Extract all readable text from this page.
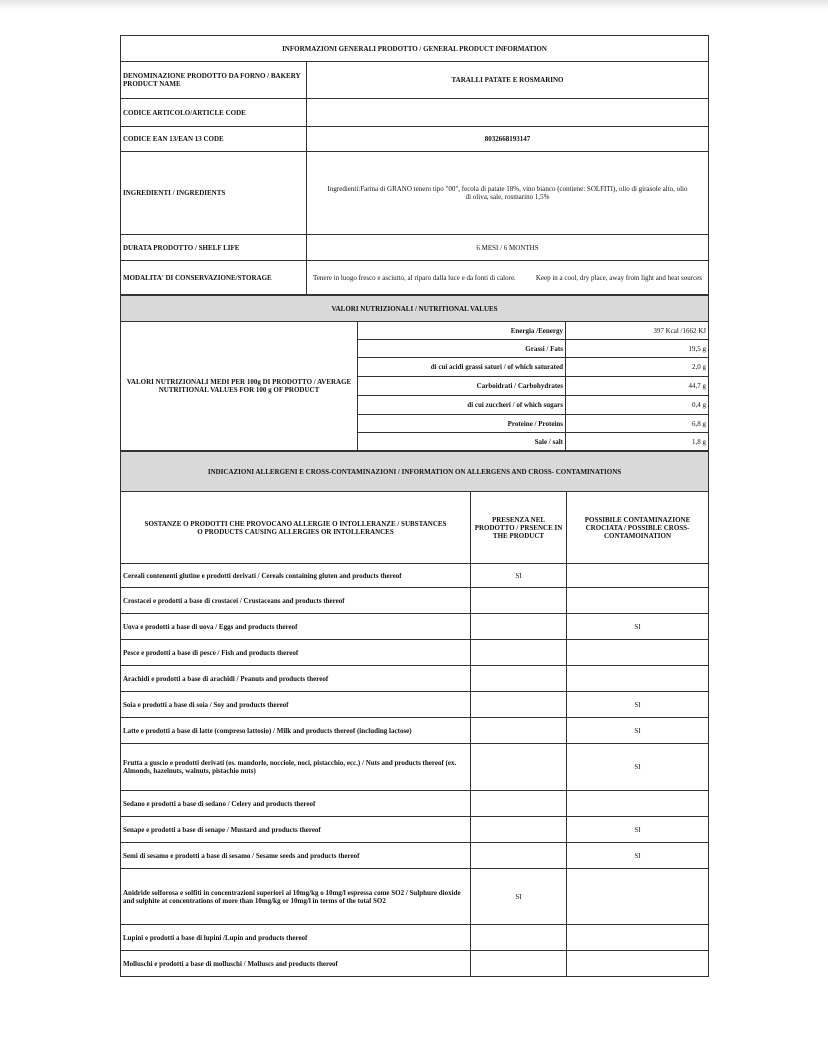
INFORMAZIONI GENERALI PRODOTTO / GENERAL PRODUCT INFORMATION	
DENOMINAZIONE PRODOTTO DA FORNO / BAKERY PRODUCT NAME	TARALLI PATATE E ROSMARINO
CODICE ARTICOLO/ARTICLE CODE	
CODICE EAN 13/EAN 13 CODE	8032668193147
INGREDIENTI / INGREDIENTS	Ingredienti:Farina di GRANO tenero tipo "00", fecola di patate 18%, vino bianco (contiene: SOLFITI), olio di girasole alto, olio di oliva, sale, rosmarino 1,5%
DURATA PRODOTTO / SHELF LIFE	6 MESI / 6 MONTHS
MODALITA' DI CONSERVAZIONE/STORAGE	Tenere in luogo fresco e asciutto, al riparo dalla luce e da fonti di calore. Keep in a cool, dry place, away from light and heat sources
VALORI NUTRIZIONALI / NUTRITIONAL VALUES		
VALORI NUTRIZIONALI MEDI PER 100g DI PRODOTTO / AVERAGE NUTRITIONAL VALUES FOR 100 g OF PRODUCT	Energia /Eenergy	397 Kcal /1662 KJ
	Grassi / Fats	19,5 g
	di cui acidi grassi saturi / of which saturated	2,0 g
	Carboidrati / Carbohydrates	44,7 g
	di cui zuccheri / of which sugars	0,4 g
	Proteine / Proteins	6,8 g
	Sale / salt	1,8 g
INDICAZIONI ALLERGENI E CROSS-CONTAMINAZIONI / INFORMATION ON ALLERGENS AND CROSS- CONTAMINATIONS		
SOSTANZE O PRODOTTI CHE PROVOCANO ALLERGIE O INTOLLERANZE / SUBSTANCES O PRODUCTS CAUSING ALLERGIES OR INTOLLERANCES	PRESENZA NEL PRODOTTO / PRSENCE IN THE PRODUCT	POSSIBILE CONTAMINAZIONE CROCIATA / POSSIBLE CROSS-CONTAMOINATION
Cereali contenenti glutine e prodotti derivati / Cereals containing gluten and products thereof	SI	
Crostacei e prodotti a base di crostacei / Crustaceans and products thereof		
Uova e prodotti a base di uova / Eggs and products thereof		SI
Pesce e prodotti a base di pesce / Fish and products thereof		
Arachidi e prodotti a base di arachidi / Peanuts and products thereof		
Soia e prodotti a base di soia / Soy and products thereof		SI
Latte e prodotti a base di latte (compreso lattosio) / Milk and products thereof (including lactose)		SI
Frutta a guscio e prodotti derivati (es. mandorle, nocciole, noci, pistacchio, ecc.) / Nuts and products thereof (ex. Almonds, hazelnuts, walnuts, pistachio nuts)		SI
Sedano e prodotti a base di sedano / Celery and products thereof		
Senape e prodotti a base di senape / Mustard and products thereof		SI
Semi di sesamo e prodotti a base di sesamo / Sesame seeds and products thereof		SI
Anidride solforosa e solfiti in concentrazioni superiori ai 10mg/kg o 10mg/l espressa come SO2 / Sulphure dioxide and sulphite at concentrations of more than 10mg/kg or 10mg/l in terms of the total SO2	SI	
Lupini e prodotti a base di lupini /Lupin and products thereof		
Molluschi e prodotti a base di molluschi / Molluscs and products thereof		
